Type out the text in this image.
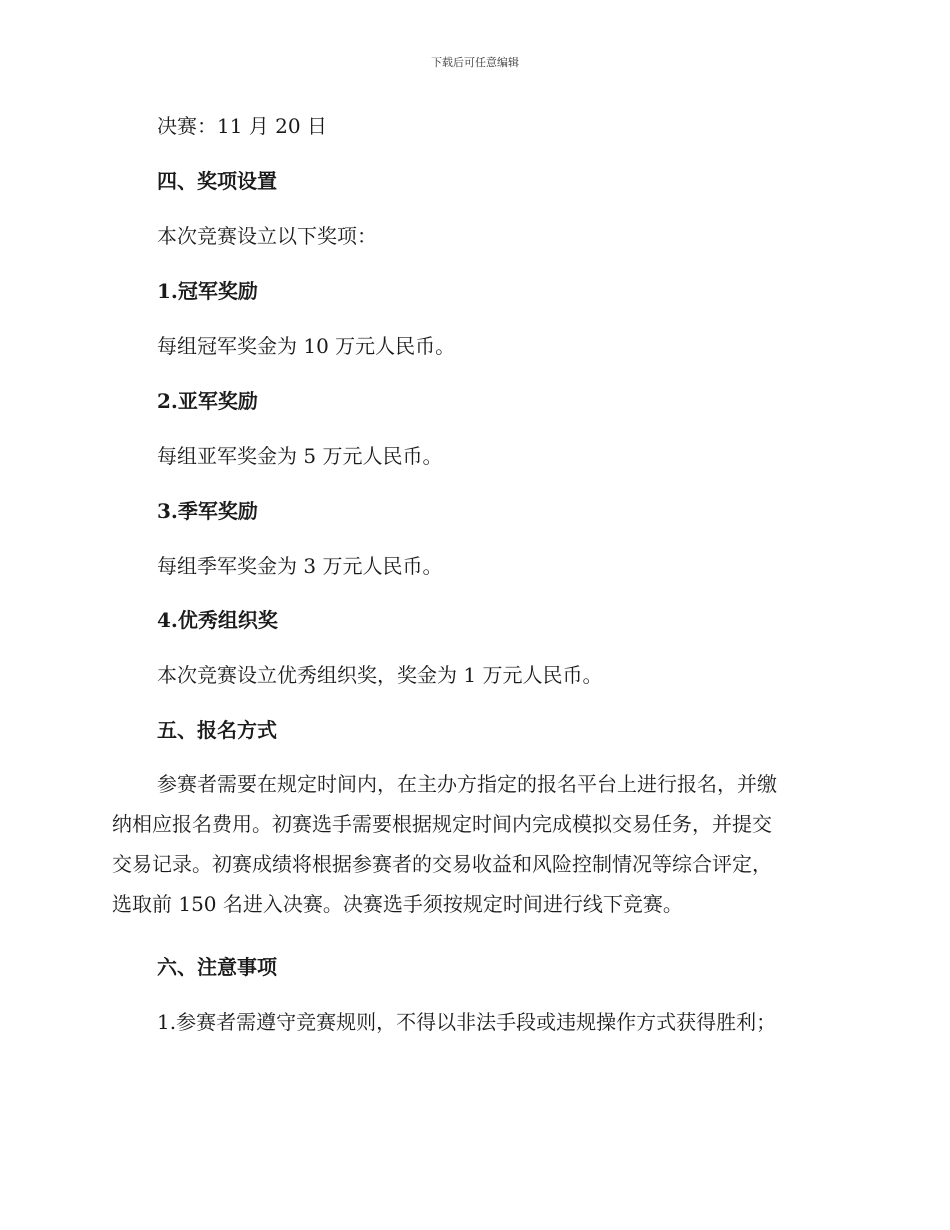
下载后可任意编辑
决赛：11 月 20 日
四、奖项设置
本次竞赛设立以下奖项：
1.冠军奖励
每组冠军奖金为 10 万元人民币。
2.亚军奖励
每组亚军奖金为 5 万元人民币。
3.季军奖励
每组季军奖金为 3 万元人民币。
4.优秀组织奖
本次竞赛设立优秀组织奖，奖金为 1 万元人民币。
五、报名方式
参赛者需要在规定时间内，在主办方指定的报名平台上进行报名，并缴
纳相应报名费用。初赛选手需要根据规定时间内完成模拟交易任务，并提交
交易记录。初赛成绩将根据参赛者的交易收益和风险控制情况等综合评定，
选取前 150 名进入决赛。决赛选手须按规定时间进行线下竞赛。
六、注意事项
1.参赛者需遵守竞赛规则，不得以非法手段或违规操作方式获得胜利；
